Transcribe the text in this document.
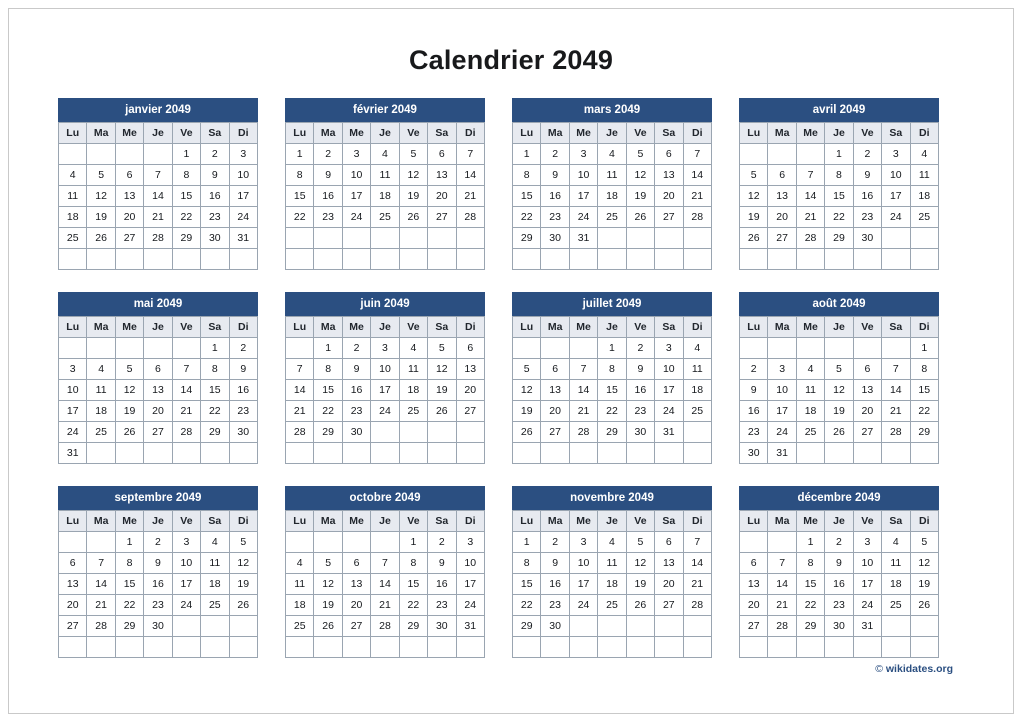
Calendrier 2049
janvier 2049
Lu	Ma	Me	Je	Ve	Sa	Di
				1	2	3
4	5	6	7	8	9	10
11	12	13	14	15	16	17
18	19	20	21	22	23	24
25	26	27	28	29	30	31

février 2049
Lu	Ma	Me	Je	Ve	Sa	Di
1	2	3	4	5	6	7
8	9	10	11	12	13	14
15	16	17	18	19	20	21
22	23	24	25	26	27	28

mars 2049
Lu	Ma	Me	Je	Ve	Sa	Di
1	2	3	4	5	6	7
8	9	10	11	12	13	14
15	16	17	18	19	20	21
22	23	24	25	26	27	28
29	30	31				

avril 2049
Lu	Ma	Me	Je	Ve	Sa	Di
			1	2	3	4
5	6	7	8	9	10	11
12	13	14	15	16	17	18
19	20	21	22	23	24	25
26	27	28	29	30		

mai 2049
Lu	Ma	Me	Je	Ve	Sa	Di
					1	2
3	4	5	6	7	8	9
10	11	12	13	14	15	16
17	18	19	20	21	22	23
24	25	26	27	28	29	30
31						
juin 2049
Lu	Ma	Me	Je	Ve	Sa	Di
	1	2	3	4	5	6
7	8	9	10	11	12	13
14	15	16	17	18	19	20
21	22	23	24	25	26	27
28	29	30				

juillet 2049
Lu	Ma	Me	Je	Ve	Sa	Di
			1	2	3	4
5	6	7	8	9	10	11
12	13	14	15	16	17	18
19	20	21	22	23	24	25
26	27	28	29	30	31	

août 2049
Lu	Ma	Me	Je	Ve	Sa	Di
						1
2	3	4	5	6	7	8
9	10	11	12	13	14	15
16	17	18	19	20	21	22
23	24	25	26	27	28	29
30	31					
septembre 2049
Lu	Ma	Me	Je	Ve	Sa	Di
		1	2	3	4	5
6	7	8	9	10	11	12
13	14	15	16	17	18	19
20	21	22	23	24	25	26
27	28	29	30			

octobre 2049
Lu	Ma	Me	Je	Ve	Sa	Di
				1	2	3
4	5	6	7	8	9	10
11	12	13	14	15	16	17
18	19	20	21	22	23	24
25	26	27	28	29	30	31

novembre 2049
Lu	Ma	Me	Je	Ve	Sa	Di
1	2	3	4	5	6	7
8	9	10	11	12	13	14
15	16	17	18	19	20	21
22	23	24	25	26	27	28
29	30					

décembre 2049
Lu	Ma	Me	Je	Ve	Sa	Di
		1	2	3	4	5
6	7	8	9	10	11	12
13	14	15	16	17	18	19
20	21	22	23	24	25	26
27	28	29	30	31		

© wikidates.org
